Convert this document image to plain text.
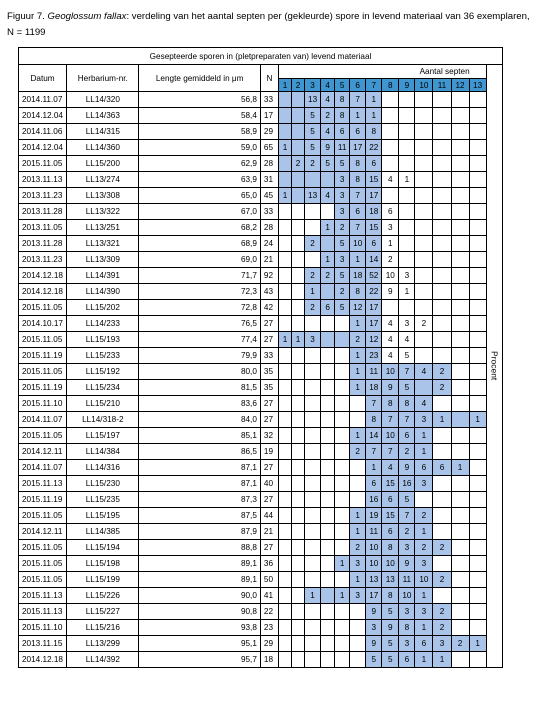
Figuur 7. Geoglossum fallax: verdeling van het aantal septen per (gekleurde) spore in levend materiaal van 36 exemplaren, N = 1199
Gesepteerde sporen in (pletpreparaten van) levend materiaal																	
Datum	Herbarium-nr.	Lengte gemiddeld in μm	N	Aantal septen													Procent
				1	2	3	4	5	6	7	8	9	10	11	12	13	
2014.11.07	LL14/320	56,8	33			13	4	8	7	1							
2014.12.04	LL14/363	58,4	17			5	2	8	1	1							
2014.11.06	LL14/315	58,9	29			5	4	6	6	8							
2014.12.04	LL14/360	59,0	65	1		5	9	11	17	22							
2015.11.05	LL15/200	62,9	28		2	2	5	5	8	6							
2013.11.13	LL13/274	63,9	31					3	8	15	4	1					
2013.11.23	LL13/308	65,0	45	1		13	4	3	7	17							
2013.11.28	LL13/322	67,0	33					3	6	18	6						
2013.11.05	LL13/251	68,2	28				1	2	7	15	3						
2013.11.28	LL13/321	68,9	24			2		5	10	6	1						
2013.11.23	LL13/309	69,0	21				1	3	1	14	2						
2014.12.18	LL14/391	71,7	92			2	2	5	18	52	10	3					
2014.12.18	LL14/390	72,3	43			1		2	8	22	9	1					
2015.11.05	LL15/202	72,8	42			2	6	5	12	17							
2014.10.17	LL14/233	76,5	27						1	17	4	3	2				
2015.11.05	LL15/193	77,4	27	1	1	3			2	12	4	4					
2015.11.19	LL15/233	79,9	33						1	23	4	5					
2015.11.05	LL15/192	80,0	35						1	11	10	7	4	2			
2015.11.19	LL15/234	81,5	35						1	18	9	5		2			
2015.11.10	LL15/210	83,6	27							7	8	8	4				
2014.11.07	LL14/318-2	84,0	27							8	7	7	3	1		1	
2015.11.05	LL15/197	85,1	32						1	14	10	6	1				
2014.12.11	LL14/384	86,5	19						2	7	7	2	1				
2014.11.07	LL14/316	87,1	27							1	4	9	6	6	1		
2015.11.13	LL15/230	87,1	40							6	15	16	3				
2015.11.19	LL15/235	87,3	27							16	6	5					
2015.11.05	LL15/195	87,5	44						1	19	15	7	2				
2014.12.11	LL14/385	87,9	21						1	11	6	2	1				
2015.11.05	LL15/194	88,8	27						2	10	8	3	2	2			
2015.11.05	LL15/198	89,1	36					1	3	10	10	9	3				
2015.11.05	LL15/199	89,1	50						1	13	13	11	10	2			
2015.11.13	LL15/226	90,0	41			1		1	3	17	8	10	1				
2015.11.13	LL15/227	90,8	22							9	5	3	3	2			
2015.11.10	LL15/216	93,8	23							3	9	8	1	2			
2013.11.15	LL13/299	95,1	29							9	5	3	6	3	2	1	
2014.12.18	LL14/392	95,7	18							5	5	6	1	1			
